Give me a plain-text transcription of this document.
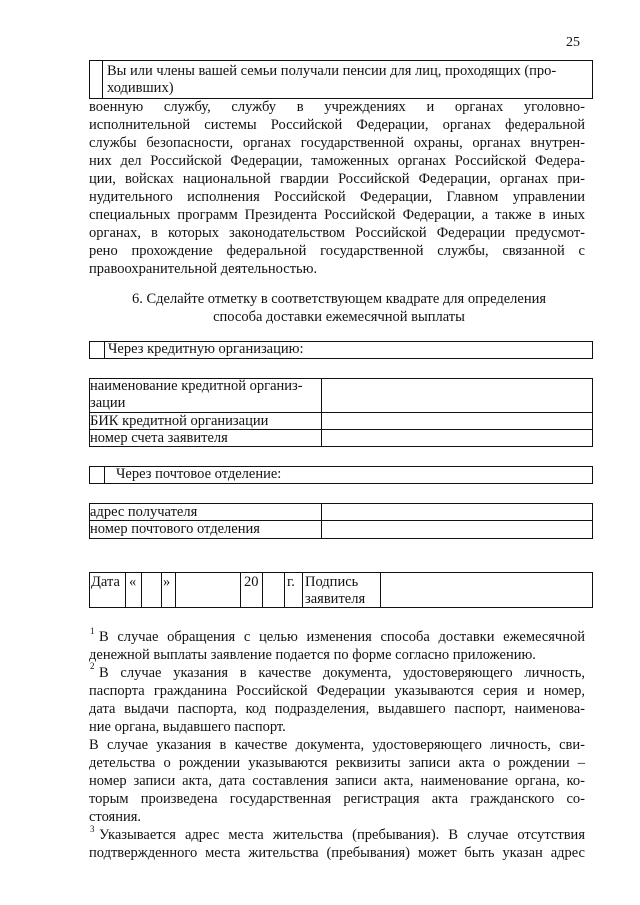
25
Вы или члены вашей семьи получали пенсии для лиц, проходящих (про-
ходивших)
военную службу, службу в учреждениях и органах уголовно-
исполнительной системы Российской Федерации, органах федеральной
службы безопасности, органах государственной охраны, органах внутрен-
них дел Российской Федерации, таможенных органах Российской Федера-
ции, войсках национальной гвардии Российской Федерации, органах при-
нудительного исполнения Российской Федерации, Главном управлении
специальных программ Президента Российской Федерации, а также в иных
органах, в которых законодательством Российской Федерации предусмот-
рено прохождение федеральной государственной службы, связанной с
правоохранительной деятельностью.
6. Сделайте отметку в соответствующем квадрате для определения
способа доставки ежемесячной выплаты
Через кредитную организацию:
наименование кредитной организ-
зации
БИК кредитной организации
номер счета заявителя
Через почтовое отделение:
адрес получателя
номер почтового отделения
Дата « »	20 г. Подпись
заявителя
1 В случае обращения с целью изменения способа доставки ежемесячной
денежной выплаты заявление подается по форме согласно приложению.
2 В случае указания в качестве документа, удостоверяющего личность,
паспорта гражданина Российской Федерации указываются серия и номер,
дата выдачи паспорта, код подразделения, выдавшего паспорт, наименова-
ние органа, выдавшего паспорт.
В случае указания в качестве документа, удостоверяющего личность, сви-
детельства о рождении указываются реквизиты записи акта о рождении –
номер записи акта, дата составления записи акта, наименование органа, ко-
торым произведена государственная регистрация акта гражданского со-
стояния.
3 Указывается адрес места жительства (пребывания). В случае отсутствия
подтвержденного места жительства (пребывания) может быть указан адрес
